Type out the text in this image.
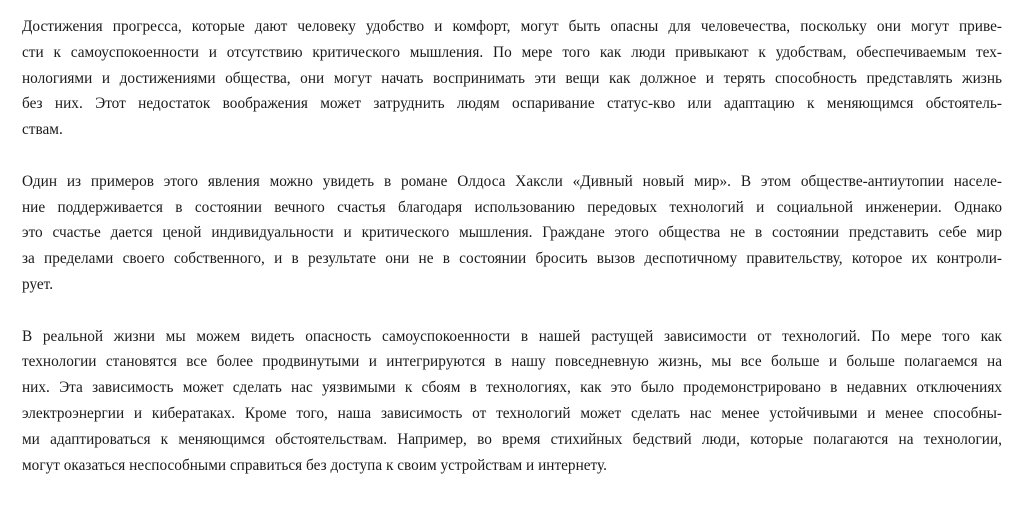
Достижения прогресса, которые дают человеку удобство и комфорт, могут быть опасны для человечества, поскольку они могут приве-
сти к самоуспокоенности и отсутствию критического мышления. По мере того как люди привыкают к удобствам, обеспечиваемым тех-
нологиями и достижениями общества, они могут начать воспринимать эти вещи как должное и терять способность представлять жизнь
без них. Этот недостаток воображения может затруднить людям оспаривание статус-кво или адаптацию к меняющимся обстоятель-
ствам.
Один из примеров этого явления можно увидеть в романе Олдоса Хаксли «Дивный новый мир». В этом обществе-антиутопии населе-
ние поддерживается в состоянии вечного счастья благодаря использованию передовых технологий и социальной инженерии. Однако
это счастье дается ценой индивидуальности и критического мышления. Граждане этого общества не в состоянии представить себе мир
за пределами своего собственного, и в результате они не в состоянии бросить вызов деспотичному правительству, которое их контроли-
рует.
В реальной жизни мы можем видеть опасность самоуспокоенности в нашей растущей зависимости от технологий. По мере того как
технологии становятся все более продвинутыми и интегрируются в нашу повседневную жизнь, мы все больше и больше полагаемся на
них. Эта зависимость может сделать нас уязвимыми к сбоям в технологиях, как это было продемонстрировано в недавних отключениях
электроэнергии и кибератаках. Кроме того, наша зависимость от технологий может сделать нас менее устойчивыми и менее способны-
ми адаптироваться к меняющимся обстоятельствам. Например, во время стихийных бедствий люди, которые полагаются на технологии,
могут оказаться неспособными справиться без доступа к своим устройствам и интернету.
